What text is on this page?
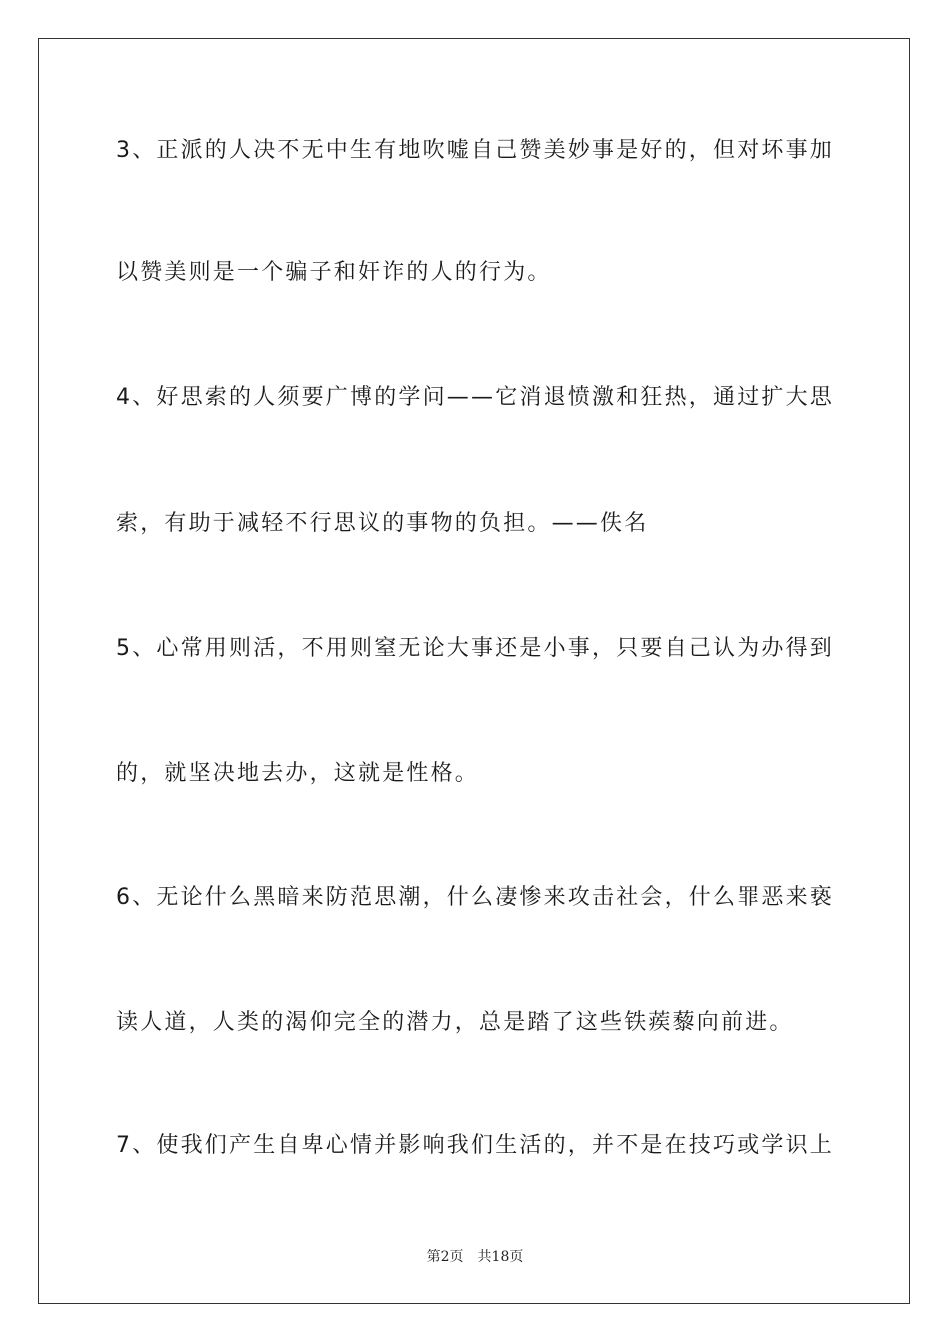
3、正派的人决不无中生有地吹嘘自己赞美妙事是好的，但对坏事加
以赞美则是一个骗子和奸诈的人的行为。
4、好思索的人须要广博的学问——它消退愤激和狂热，通过扩大思
索，有助于减轻不行思议的事物的负担。——佚名
5、心常用则活，不用则窒无论大事还是小事，只要自己认为办得到
的，就坚决地去办，这就是性格。
6、无论什么黑暗来防范思潮，什么凄惨来攻击社会，什么罪恶来亵
读人道，人类的渴仰完全的潜力，总是踏了这些铁蒺藜向前进。
7、使我们产生自卑心情并影响我们生活的，并不是在技巧或学识上
第2页 共18页
